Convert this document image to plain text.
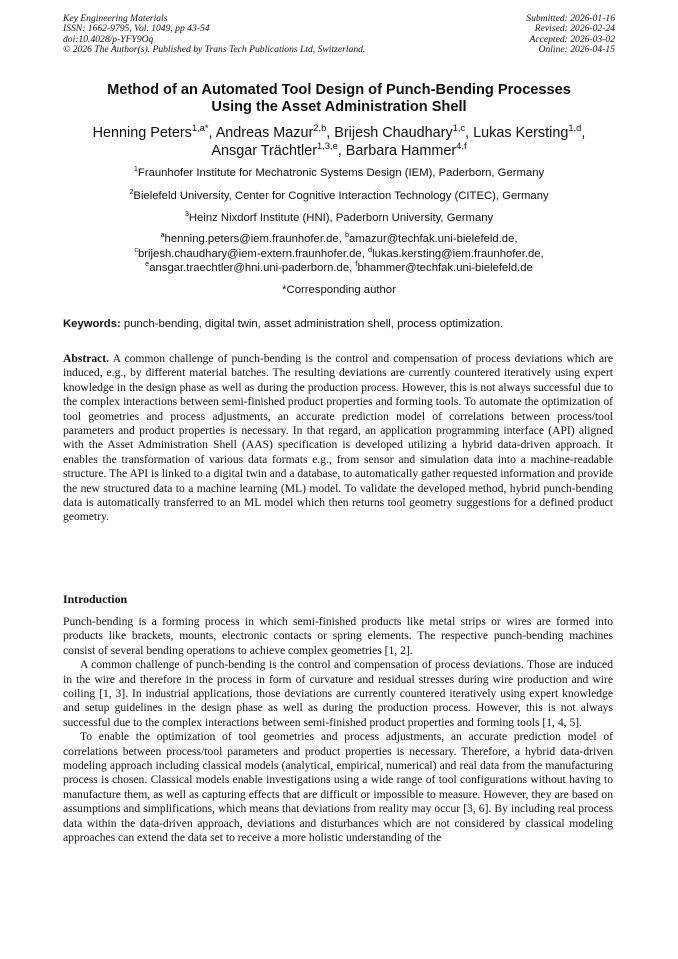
Key Engineering Materials
ISSN: 1662-9795, Vol. 1049, pp 43-54
doi:10.4028/p-YFY9Oq
© 2026 The Author(s). Published by Trans Tech Publications Ltd, Switzerland.
Submitted: 2026-01-16
Revised: 2026-02-24
Accepted: 2026-03-02
Online: 2026-04-15
Method of an Automated Tool Design of Punch-Bending Processes
Using the Asset Administration Shell
Henning Peters$^{1,a*}$, Andreas Mazur$^{2,b}$, Brijesh Chaudhary$^{1,c}$, Lukas Kersting$^{1,d}$,
Ansgar Trächtler$^{1,3,e}$, Barbara Hammer$^{4,f}$
$^1$Fraunhofer Institute for Mechatronic Systems Design (IEM), Paderborn, Germany
$^2$Bielefeld University, Center for Cognitive Interaction Technology (CITEC), Germany
$^3$Heinz Nixdorf Institute (HNI), Paderborn University, Germany
$^a$henning.peters@iem.fraunhofer.de, $^b$amazur@techfak.uni-bielefeld.de,
$^c$brijesh.chaudhary@iem-extern.fraunhofer.de, $^d$lukas.kersting@iem.fraunhofer.de,
$^e$ansgar.traechtler@hni.uni-paderborn.de, $^f$bhammer@techfak.uni-bielefeld.de
*Corresponding author
Keywords: punch-bending, digital twin, asset administration shell, process optimization.
Abstract. A common challenge of punch-bending is the control and compensation of process deviations which are induced, e.g., by different material batches. The resulting deviations are currently countered iteratively using expert knowledge in the design phase as well as during the production process. However, this is not always successful due to the complex interactions between semi-finished product properties and forming tools. To automate the optimization of tool geometries and process adjustments, an accurate prediction model of correlations between process/tool parameters and product properties is necessary. In that regard, an application programming interface (API) aligned with the Asset Administration Shell (AAS) specification is developed utilizing a hybrid data-driven approach. It enables the transformation of various data formats e.g., from sensor and simulation data into a machine-readable structure. The API is linked to a digital twin and a database, to automatically gather requested information and provide the new structured data to a machine learning (ML) model. To validate the developed method, hybrid punch-bending data is automatically transferred to an ML model which then returns tool geometry suggestions for a defined product geometry.
Introduction

Punch-bending is a forming process in which semi-finished products like metal strips or wires are formed into products like brackets, mounts, electronic contacts or spring elements. The respective punch-bending machines consist of several bending operations to achieve complex geometries [1, 2].

A common challenge of punch-bending is the control and compensation of process deviations. Those are induced in the wire and therefore in the process in form of curvature and residual stresses during wire production and wire coiling [1, 3]. In industrial applications, those deviations are currently countered iteratively using expert knowledge and setup guidelines in the design phase as well as during the production process. However, this is not always successful due to the complex interactions between semi-finished product properties and forming tools [1, 4, 5].

To enable the optimization of tool geometries and process adjustments, an accurate prediction model of correlations between process/tool parameters and product properties is necessary. Therefore, a hybrid data-driven modeling approach including classical models (analytical, empirical, numerical) and real data from the manufacturing process is chosen. Classical models enable investigations using a wide range of tool configurations without having to manufacture them, as well as capturing effects that are difficult or impossible to measure. However, they are based on assumptions and simplifications, which means that deviations from reality may occur [3, 6]. By including real process data within the data-driven approach, deviations and disturbances which are not considered by classical modeling approaches can extend the data set to receive a more holistic understanding of the
